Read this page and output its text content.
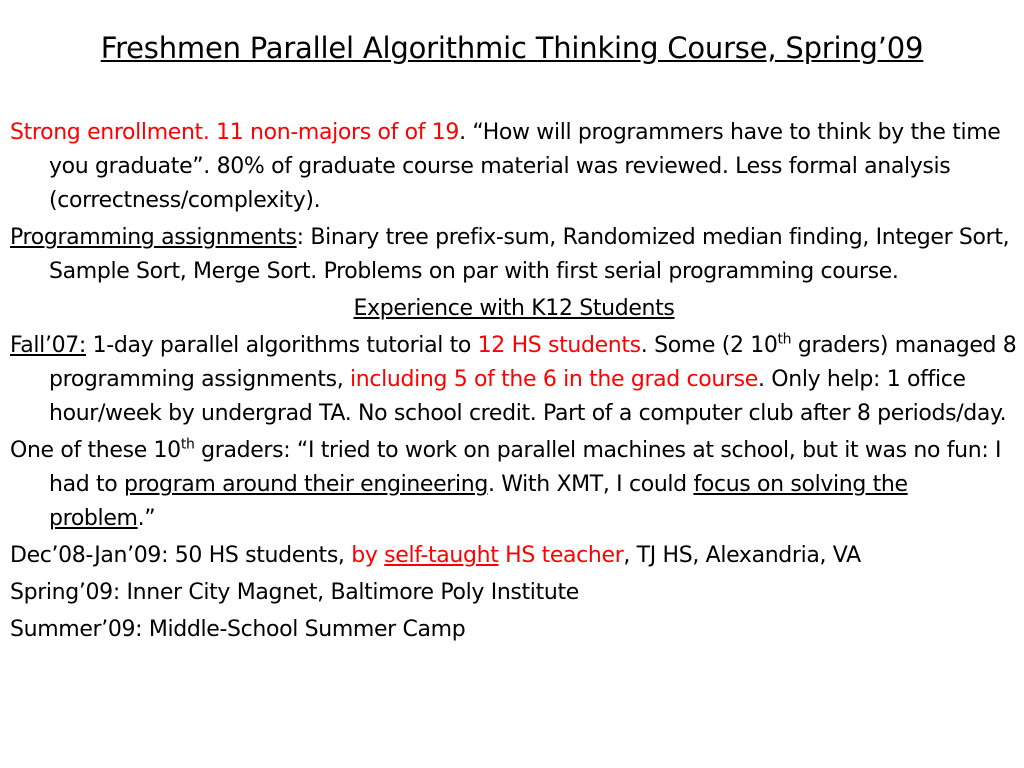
Freshmen Parallel Algorithmic Thinking Course, Spring’09
Strong enrollment. 11 non-majors of of 19. “How will programmers have to think by the time you graduate”. 80% of graduate course material was reviewed. Less formal analysis (correctness/complexity).
Programming assignments: Binary tree prefix-sum, Randomized median finding, Integer Sort, Sample Sort, Merge Sort. Problems on par with first serial programming course.
Experience with K12 Students
Fall’07: 1-day parallel algorithms tutorial to 12 HS students. Some (2 10th graders) managed 8 programming assignments, including 5 of the 6 in the grad course. Only help: 1 office hour/week by undergrad TA. No school credit. Part of a computer club after 8 periods/day.
One of these 10th graders: “I tried to work on parallel machines at school, but it was no fun: I had to program around their engineering. With XMT, I could focus on solving the problem.”
Dec’08-Jan’09: 50 HS students, by self-taught HS teacher, TJ HS, Alexandria, VA
Spring’09: Inner City Magnet, Baltimore Poly Institute
Summer’09: Middle-School Summer Camp
